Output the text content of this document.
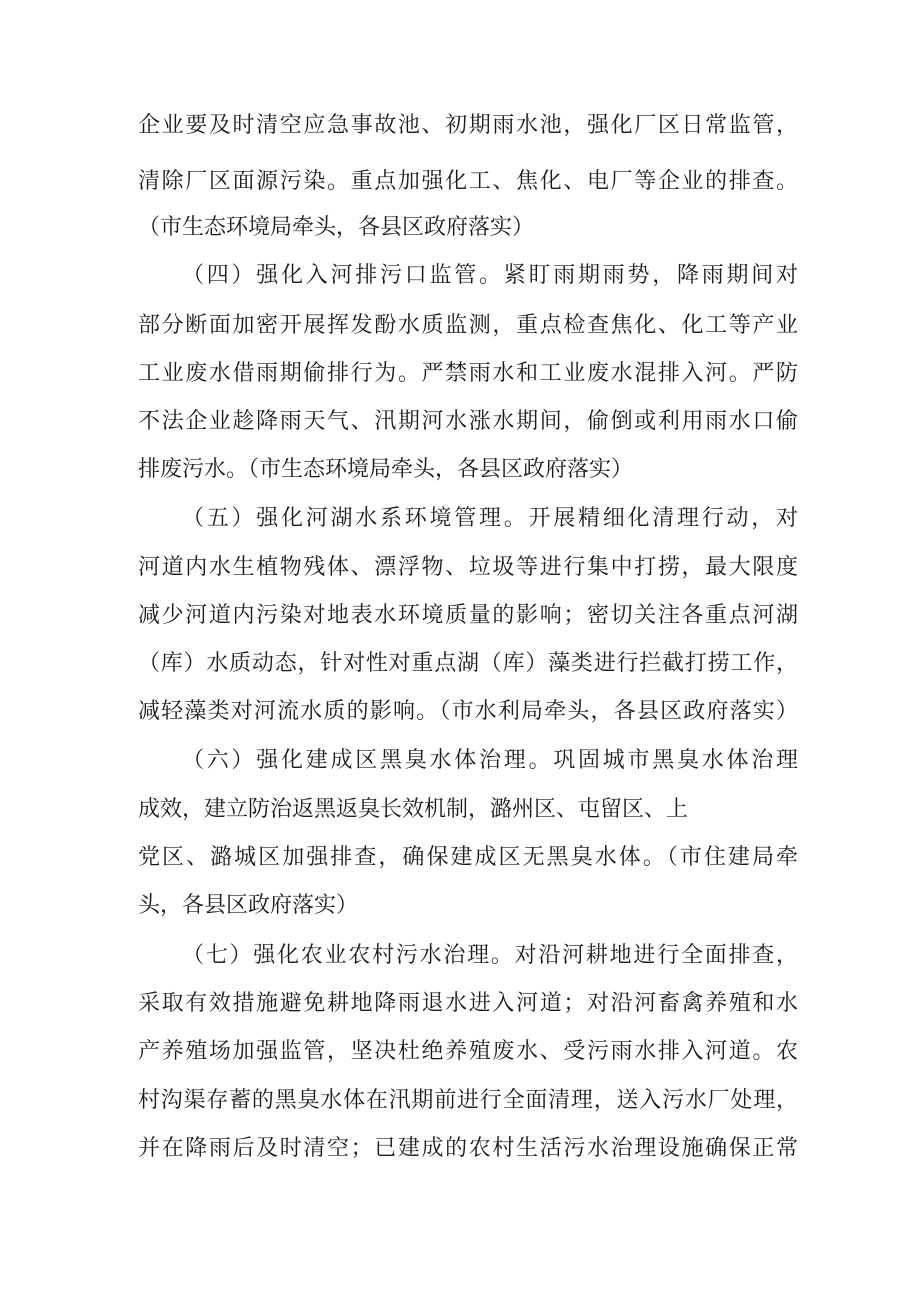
企业要及时清空应急事故池、初期雨水池，强化厂区日常监管，
清除厂区面源污染。重点加强化工、焦化、电厂等企业的排查。
（市生态环境局牵头，各县区政府落实）
（四）强化入河排污口监管。紧盯雨期雨势，降雨期间对
部分断面加密开展挥发酚水质监测，重点检查焦化、化工等产业
工业废水借雨期偷排行为。严禁雨水和工业废水混排入河。严防
不法企业趁降雨天气、汛期河水涨水期间，偷倒或利用雨水口偷
排废污水。（市生态环境局牵头，各县区政府落实）
（五）强化河湖水系环境管理。开展精细化清理行动，对
河道内水生植物残体、漂浮物、垃圾等进行集中打捞，最大限度
减少河道内污染对地表水环境质量的影响；密切关注各重点河湖
（库）水质动态，针对性对重点湖（库）藻类进行拦截打捞工作，
减轻藻类对河流水质的影响。（市水利局牵头，各县区政府落实）
（六）强化建成区黑臭水体治理。巩固城市黑臭水体治理
成效，建立防治返黑返臭长效机制，潞州区、屯留区、上
党区、潞城区加强排查，确保建成区无黑臭水体。（市住建局牵
头，各县区政府落实）
（七）强化农业农村污水治理。对沿河耕地进行全面排查，
采取有效措施避免耕地降雨退水进入河道；对沿河畜禽养殖和水
产养殖场加强监管，坚决杜绝养殖废水、受污雨水排入河道。农
村沟渠存蓄的黑臭水体在汛期前进行全面清理，送入污水厂处理，
并在降雨后及时清空；已建成的农村生活污水治理设施确保正常
